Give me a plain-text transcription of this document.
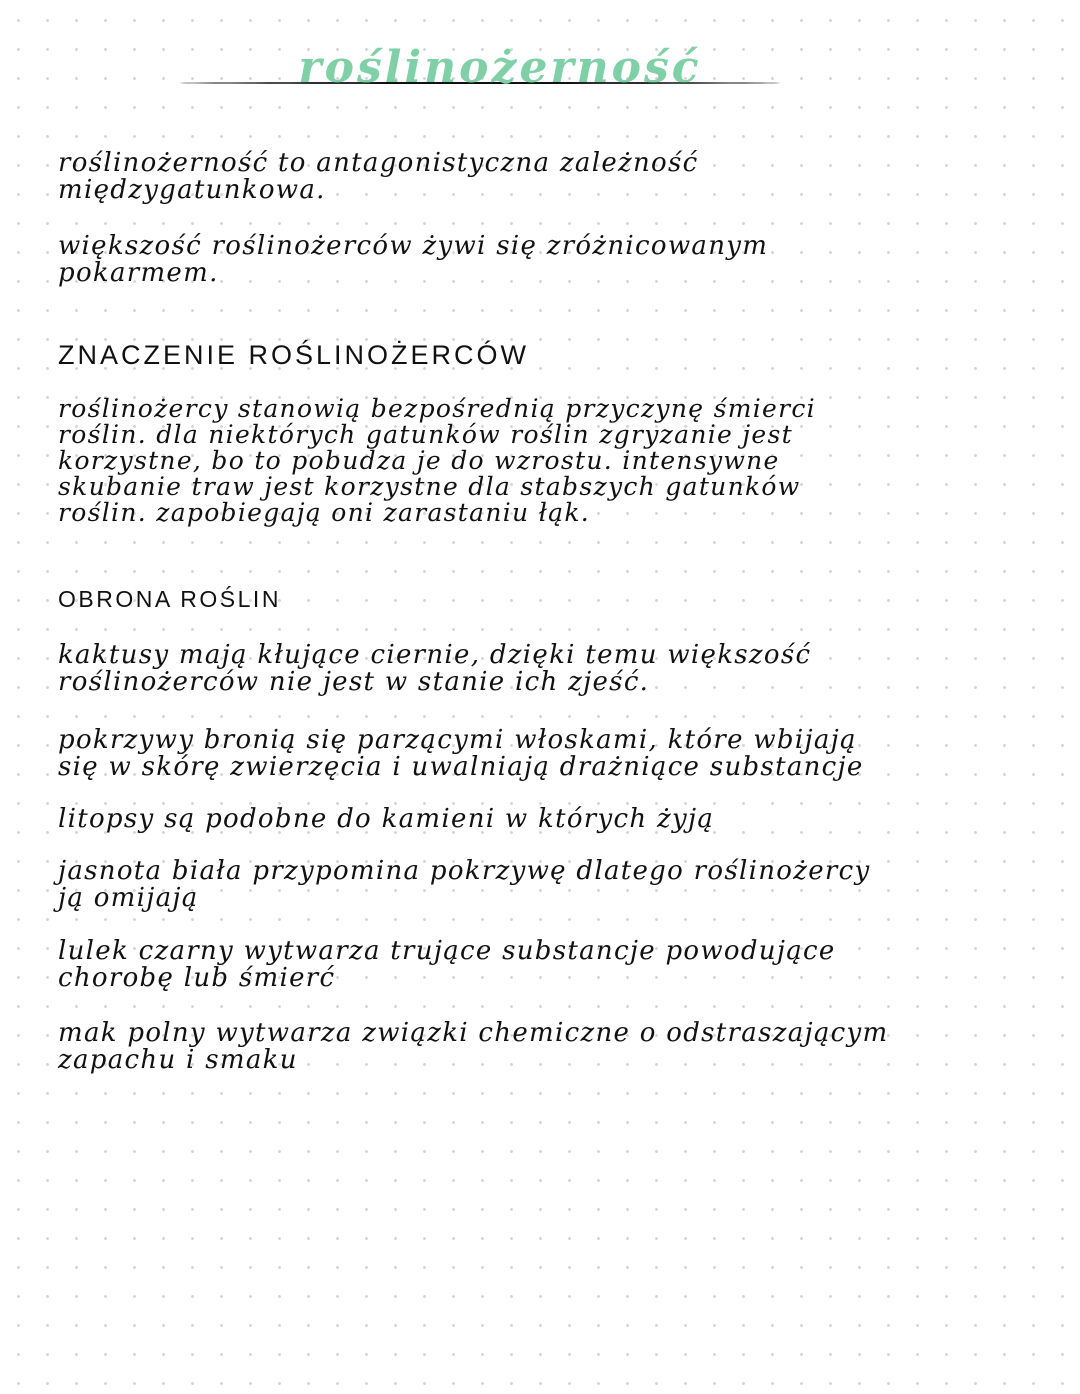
roślinożerność

roślinożerność to antagonistyczna zależność

międzygatunkowa.

większość roślinożerców żywi się zróżnicowanym

pokarmem.

ZNACZENIE ROŚLINOŻERCÓW

roślinożercy stanowią bezpośrednią przyczynę śmierci

roślin. dla niektórych gatunków roślin zgryzanie jest

korzystne, bo to pobudza je do wzrostu. intensywne

skubanie traw jest korzystne dla stabszych gatunków

roślin. zapobiegają oni zarastaniu łąk.

OBRONA ROŚLIN

kaktusy mają kłujące ciernie, dzięki temu większość

roślinożerców nie jest w stanie ich zjeść.

pokrzywy bronią się parzącymi włoskami, które wbijają

się w skórę zwierzęcia i uwalniają drażniące substancje

litopsy są podobne do kamieni w których żyją

jasnota biała przypomina pokrzywę dlatego roślinożercy

ją omijają

lulek czarny wytwarza trujące substancje powodujące

chorobę lub śmierć

mak polny wytwarza związki chemiczne o odstraszającym

zapachu i smaku
